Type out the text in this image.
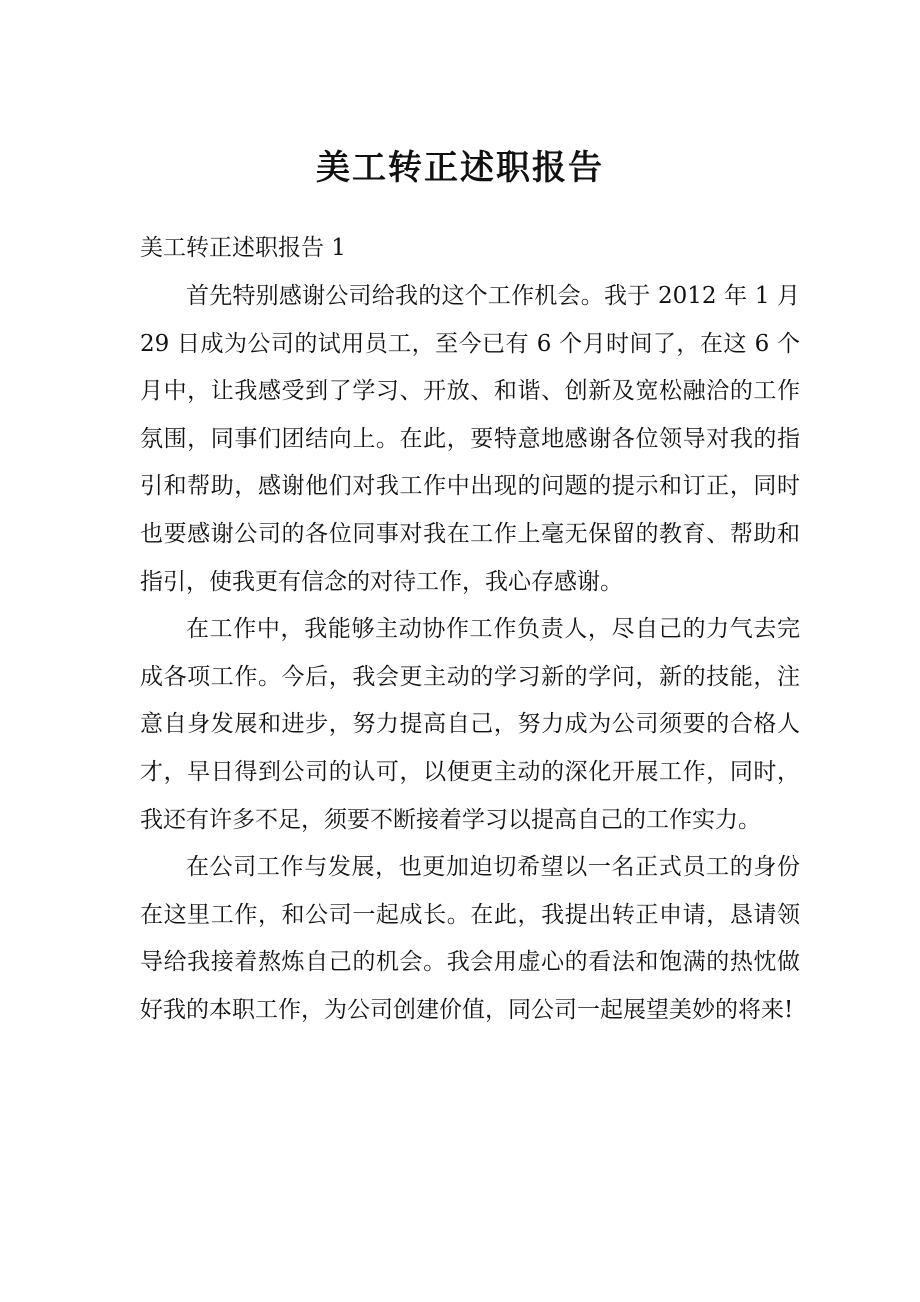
美工转正述职报告

美工转正述职报告 1

首先特别感谢公司给我的这个工作机会。我于 2012 年 1 月 29 日成为公司的试用员工，至今已有 6 个月时间了，在这 6 个月中，让我感受到了学习、开放、和谐、创新及宽松融洽的工作氛围，同事们团结向上。在此，要特意地感谢各位领导对我的指引和帮助，感谢他们对我工作中出现的问题的提示和订正，同时也要感谢公司的各位同事对我在工作上毫无保留的教育、帮助和指引，使我更有信念的对待工作，我心存感谢。

在工作中，我能够主动协作工作负责人，尽自己的力气去完成各项工作。今后，我会更主动的学习新的学问，新的技能，注意自身发展和进步，努力提高自己，努力成为公司须要的合格人才，早日得到公司的认可，以便更主动的深化开展工作，同时，我还有许多不足，须要不断接着学习以提高自己的工作实力。

在公司工作与发展，也更加迫切希望以一名正式员工的身份在这里工作，和公司一起成长。在此，我提出转正申请，恳请领导给我接着熬炼自己的机会。我会用虚心的看法和饱满的热忱做好我的本职工作，为公司创建价值，同公司一起展望美妙的将来!
